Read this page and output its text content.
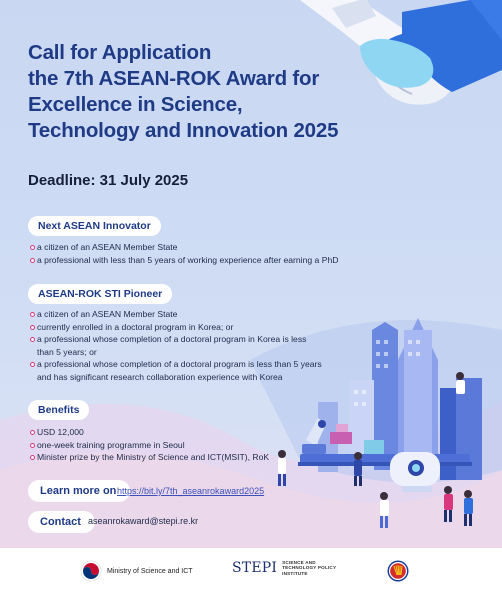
Call for Application
the 7th ASEAN-ROK Award for
Excellence in Science,
Technology and Innovation 2025
Deadline: 31 July 2025
Next ASEAN Innovator
a citizen of an ASEAN Member State
a professional with less than 5 years of working experience after earning a PhD
ASEAN-ROK STI Pioneer
a citizen of an ASEAN Member State
currently enrolled in a doctoral program in Korea; or
a professional whose completion of a doctoral program in Korea is less
than 5 years; or
a professional whose completion of a doctoral program is less than 5 years
and has significant research collaboration experience with Korea
Benefits
USD 12,000
one-week training programme in Seoul
Minister prize by the Ministry of Science and ICT(MSIT), RoK
Learn more on https://bit.ly/7th_aseanrokaward2025
Contact aseanrokaward@stepi.re.kr
Ministry of Science and ICT	STEPI SCIENCE AND
TECHNOLOGY POLICY
INSTITUTE
